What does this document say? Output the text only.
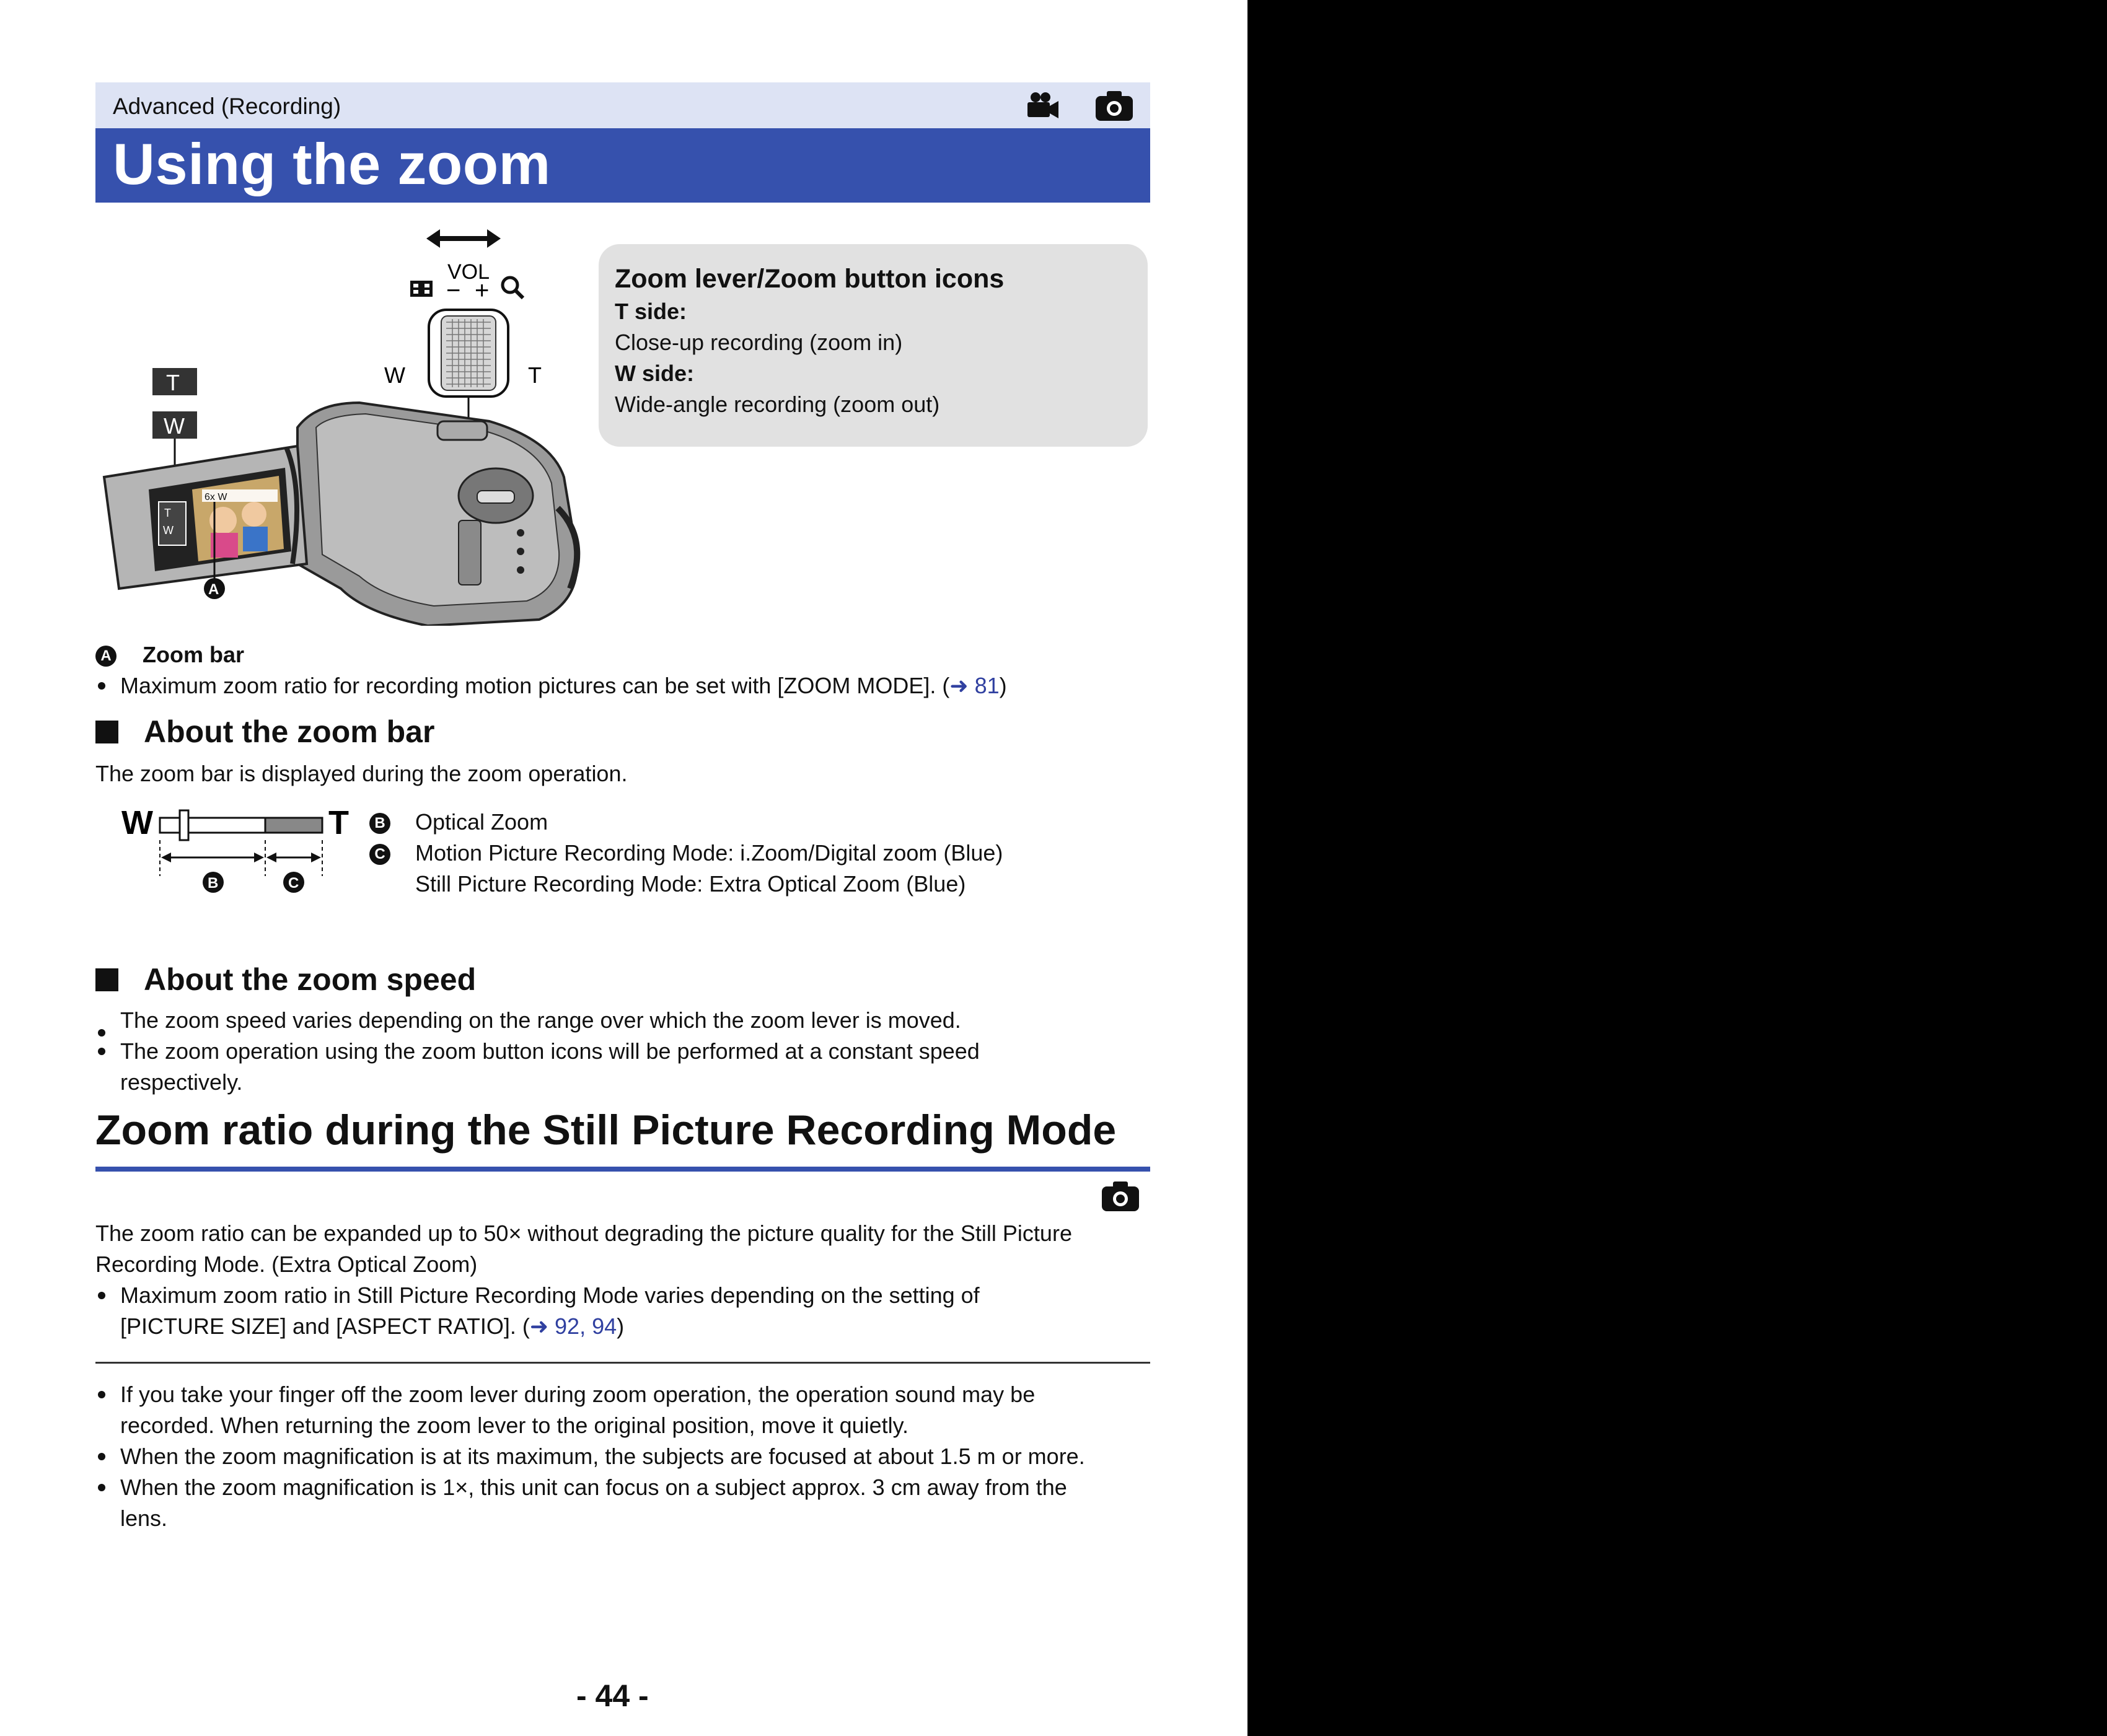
Advanced (Recording)
Using the zoom
VOL
− +
W	T
T
W
T
W
6x W
A
Zoom lever/Zoom button icons
T side:
Close-up recording (zoom in)
W side:
Wide-angle recording (zoom out)
A Zoom bar
Maximum zoom ratio for recording motion pictures can be set with [ZOOM MODE]. (➜ 81)
About the zoom bar
The zoom bar is displayed during the zoom operation.
W	T
B	C
B Optical Zoom
C Motion Picture Recording Mode: i.Zoom/Digital zoom (Blue)
Still Picture Recording Mode: Extra Optical Zoom (Blue)
About the zoom speed
The zoom speed varies depending on the range over which the zoom lever is moved.
The zoom operation using the zoom button icons will be performed at a constant speed
respectively.
Zoom ratio during the Still Picture Recording Mode
The zoom ratio can be expanded up to 50× without degrading the picture quality for the Still Picture
Recording Mode. (Extra Optical Zoom)
Maximum zoom ratio in Still Picture Recording Mode varies depending on the setting of
[PICTURE SIZE] and [ASPECT RATIO]. (➜ 92, 94)
If you take your finger off the zoom lever during zoom operation, the operation sound may be
recorded. When returning the zoom lever to the original position, move it quietly.
When the zoom magnification is at its maximum, the subjects are focused at about 1.5 m or more.
When the zoom magnification is 1×, this unit can focus on a subject approx. 3 cm away from the
lens.
- 44 -
